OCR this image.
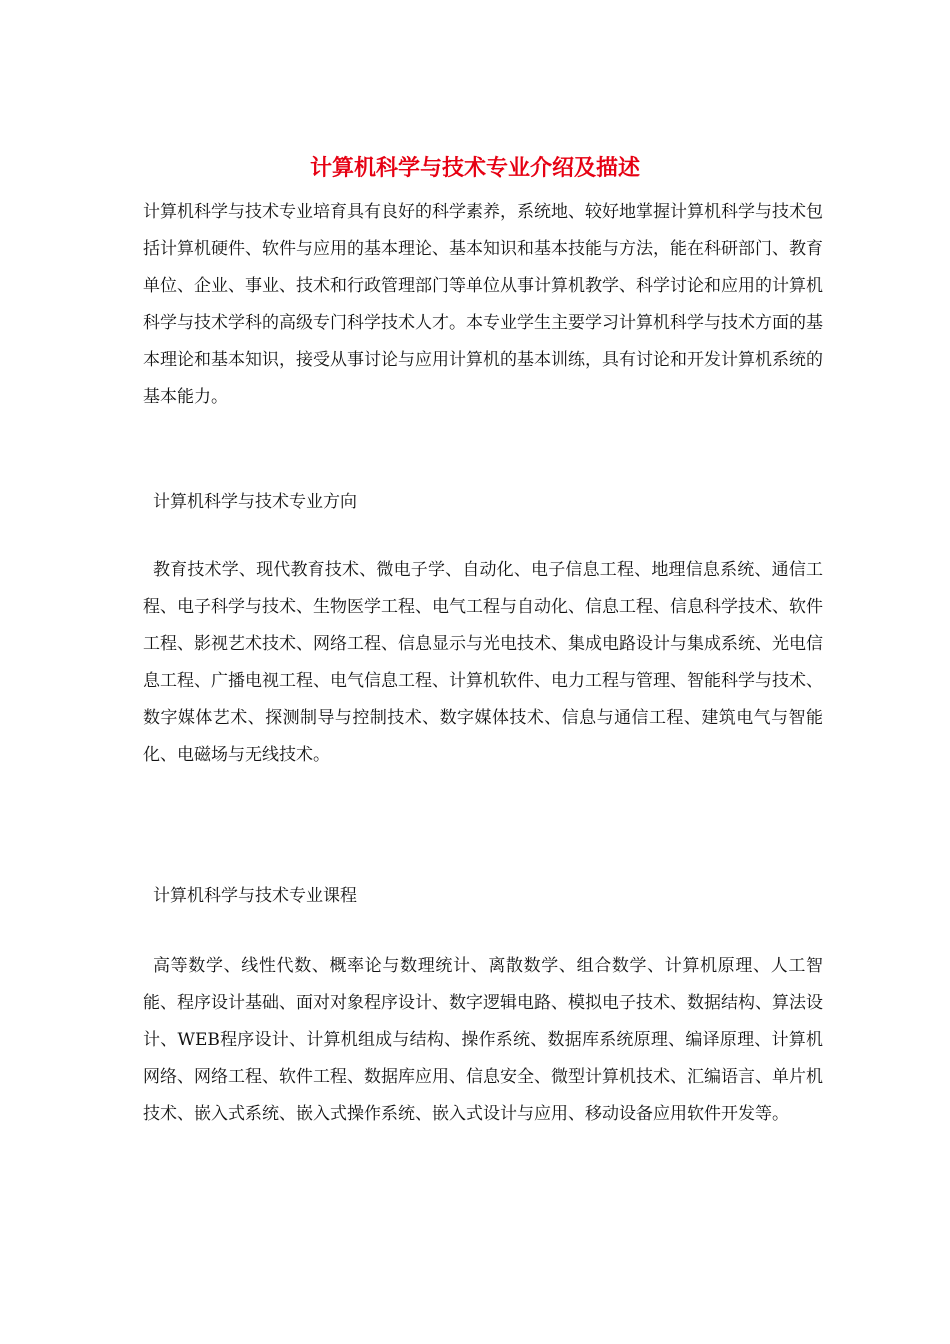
计算机科学与技术专业介绍及描述

计算机科学与技术专业培育具有良好的科学素养，系统地、较好地掌握计算机科学与技术包括计算机硬件、软件与应用的基本理论、基本知识和基本技能与方法，能在科研部门、教育单位、企业、事业、技术和行政管理部门等单位从事计算机教学、科学讨论和应用的计算机科学与技术学科的高级专门科学技术人才。本专业学生主要学习计算机科学与技术方面的基本理论和基本知识，接受从事讨论与应用计算机的基本训练，具有讨论和开发计算机系统的基本能力。

计算机科学与技术专业方向

教育技术学、现代教育技术、微电子学、自动化、电子信息工程、地理信息系统、通信工程、电子科学与技术、生物医学工程、电气工程与自动化、信息工程、信息科学技术、软件工程、影视艺术技术、网络工程、信息显示与光电技术、集成电路设计与集成系统、光电信息工程、广播电视工程、电气信息工程、计算机软件、电力工程与管理、智能科学与技术、数字媒体艺术、探测制导与控制技术、数字媒体技术、信息与通信工程、建筑电气与智能化、电磁场与无线技术。

计算机科学与技术专业课程

高等数学、线性代数、概率论与数理统计、离散数学、组合数学、计算机原理、人工智能、程序设计基础、面对对象程序设计、数字逻辑电路、模拟电子技术、数据结构、算法设计、WEB程序设计、计算机组成与结构、操作系统、数据库系统原理、编译原理、计算机网络、网络工程、软件工程、数据库应用、信息安全、微型计算机技术、汇编语言、单片机技术、嵌入式系统、嵌入式操作系统、嵌入式设计与应用、移动设备应用软件开发等。
